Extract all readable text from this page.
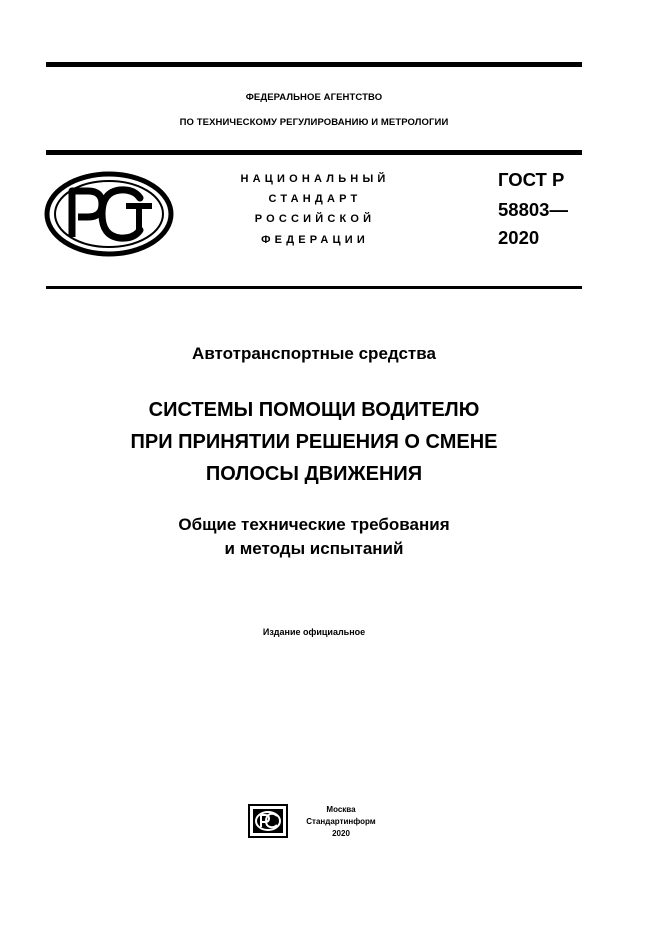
ФЕДЕРАЛЬНОЕ АГЕНТСТВО
ПО ТЕХНИЧЕСКОМУ РЕГУЛИРОВАНИЮ И МЕТРОЛОГИИ
НАЦИОНАЛЬНЫЙ
СТАНДАРТ
РОССИЙСКОЙ
ФЕДЕРАЦИИ
ГОСТ Р
58803—
2020
Автотранспортные средства
СИСТЕМЫ ПОМОЩИ ВОДИТЕЛЮ
ПРИ ПРИНЯТИИ РЕШЕНИЯ О СМЕНЕ
ПОЛОСЫ ДВИЖЕНИЯ
Общие технические требования
и методы испытаний
Издание официальное
Москва
Стандартинформ
2020
